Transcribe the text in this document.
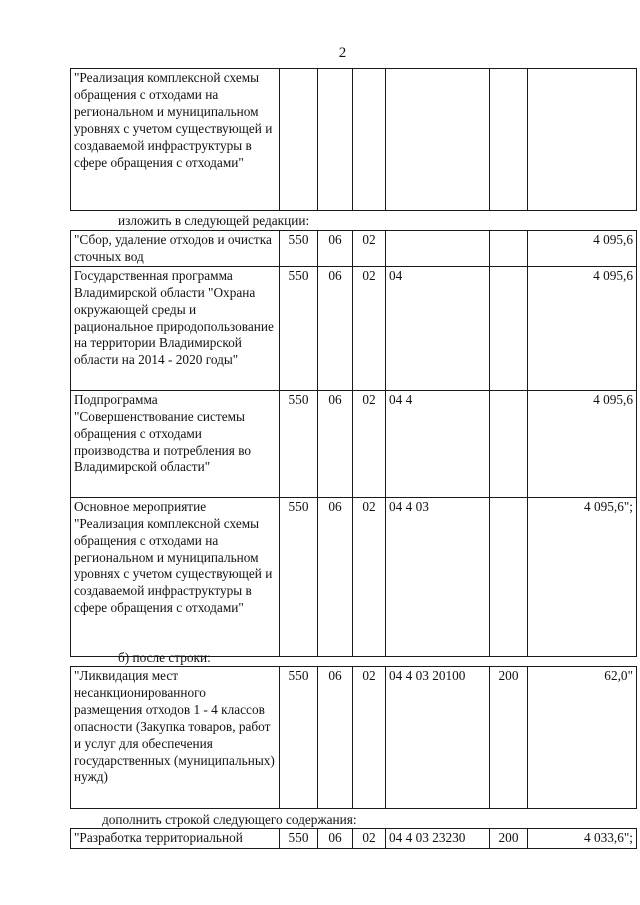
2
"Реализация комплексной схемы обращения с отходами на региональном и муниципальном уровнях с учетом существующей и создаваемой инфраструктуры в сфере обращения с отходами"						
изложить в следующей редакции:
"Сбор, удаление отходов и очистка сточных вод	550	06	02			4 095,6
Государственная программа Владимирской области "Охрана окружающей среды и рациональное природопользование на территории Владимирской области на 2014 - 2020 годы"	550	06	02	04		4 095,6
Подпрограмма "Совершенствование системы обращения с отходами производства и потребления во Владимирской области"	550	06	02	04 4		4 095,6
Основное мероприятие "Реализация комплексной схемы обращения с отходами на региональном и муниципальном уровнях с учетом существующей и создаваемой инфраструктуры в сфере обращения с отходами"	550	06	02	04 4 03		4 095,6";
б) после строки:
"Ликвидация мест несанкционированного размещения отходов 1 - 4 классов опасности (Закупка товаров, работ и услуг для обеспечения государственных (муниципальных) нужд)	550	06	02	04 4 03 20100	200	62,0"
дополнить строкой следующего содержания:
"Разработка территориальной	550	06	02	04 4 03 23230	200	4 033,6";
